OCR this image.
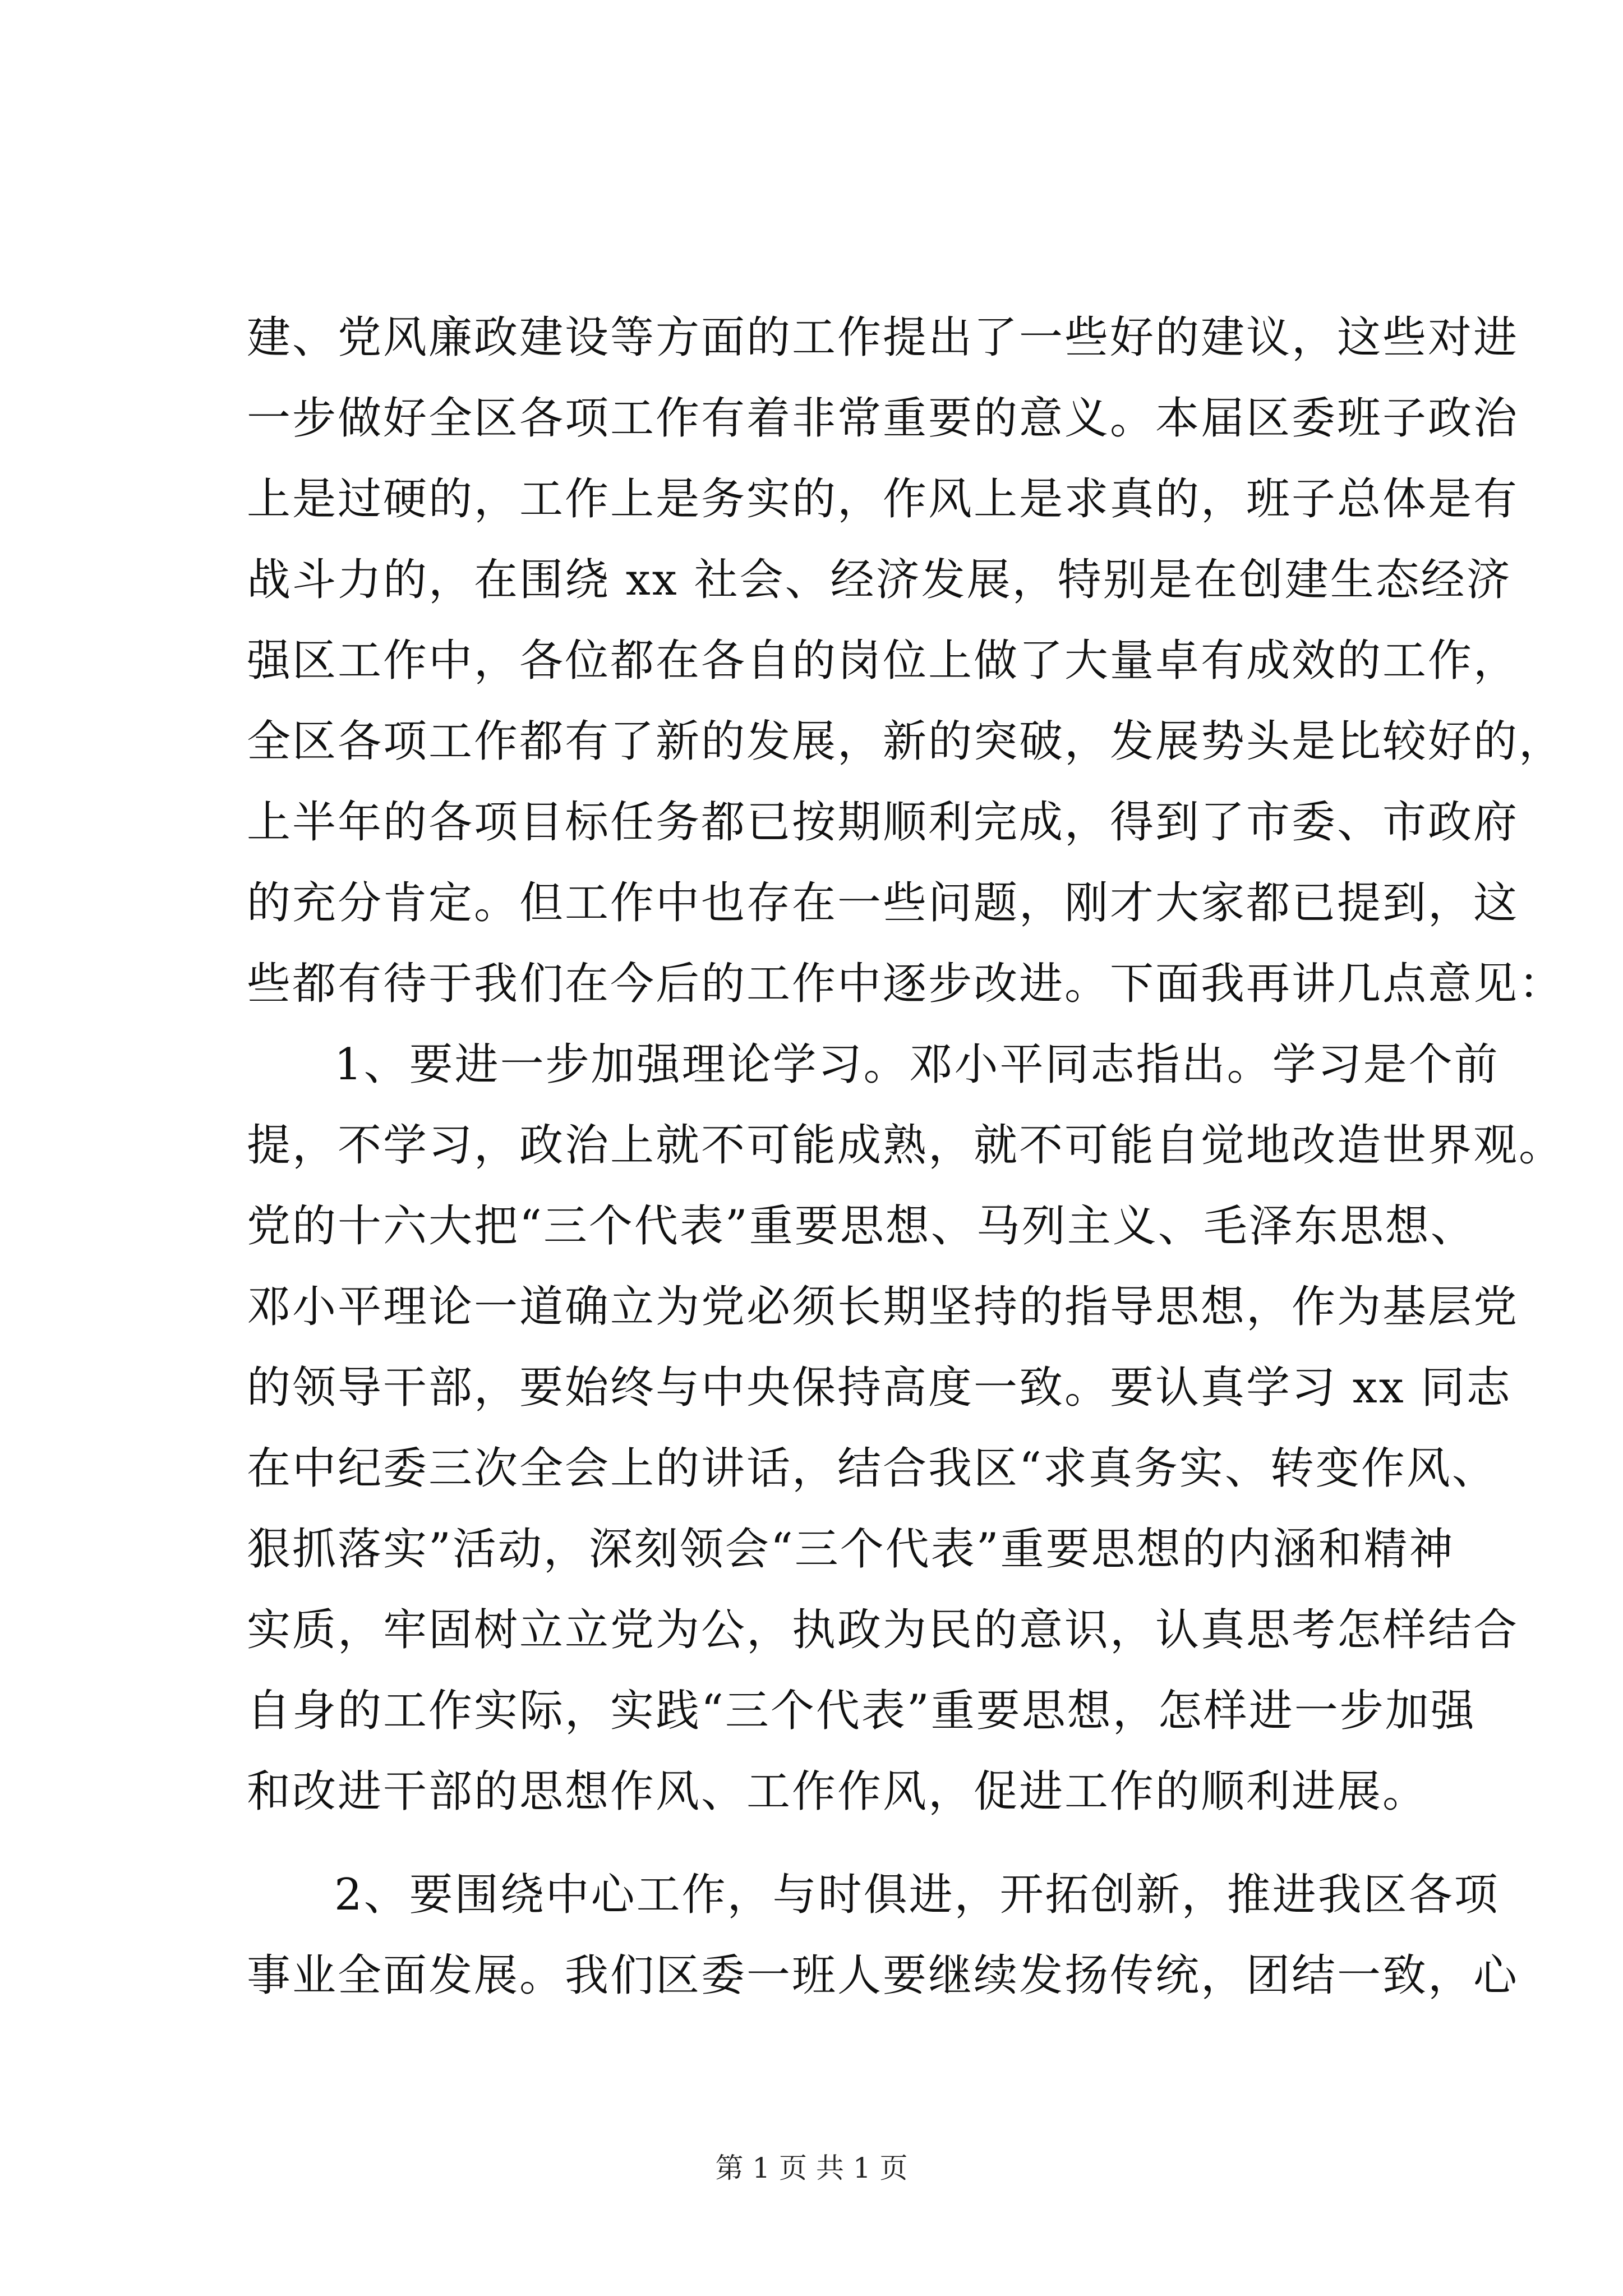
建、党风廉政建设等方面的工作提出了一些好的建议，这些对进
一步做好全区各项工作有着非常重要的意义。本届区委班子政治
上是过硬的，工作上是务实的，作风上是求真的，班子总体是有
战斗力的，在围绕 xx 社会、经济发展，特别是在创建生态经济
强区工作中，各位都在各自的岗位上做了大量卓有成效的工作，
全区各项工作都有了新的发展，新的突破，发展势头是比较好的，
上半年的各项目标任务都已按期顺利完成，得到了市委、市政府
的充分肯定。但工作中也存在一些问题，刚才大家都已提到，这
些都有待于我们在今后的工作中逐步改进。下面我再讲几点意见：
1、要进一步加强理论学习。邓小平同志指出。学习是个前
提，不学习，政治上就不可能成熟，就不可能自觉地改造世界观。
党的十六大把“三个代表”重要思想、马列主义、毛泽东思想、
邓小平理论一道确立为党必须长期坚持的指导思想，作为基层党
的领导干部，要始终与中央保持高度一致。要认真学习 xx 同志
在中纪委三次全会上的讲话，结合我区“求真务实、转变作风、
狠抓落实”活动，深刻领会“三个代表”重要思想的内涵和精神
实质，牢固树立立党为公，执政为民的意识，认真思考怎样结合
自身的工作实际，实践“三个代表”重要思想，怎样进一步加强
和改进干部的思想作风、工作作风，促进工作的顺利进展。
2、要围绕中心工作，与时俱进，开拓创新，推进我区各项
事业全面发展。我们区委一班人要继续发扬传统，团结一致，心
第 1 页 共 1 页
